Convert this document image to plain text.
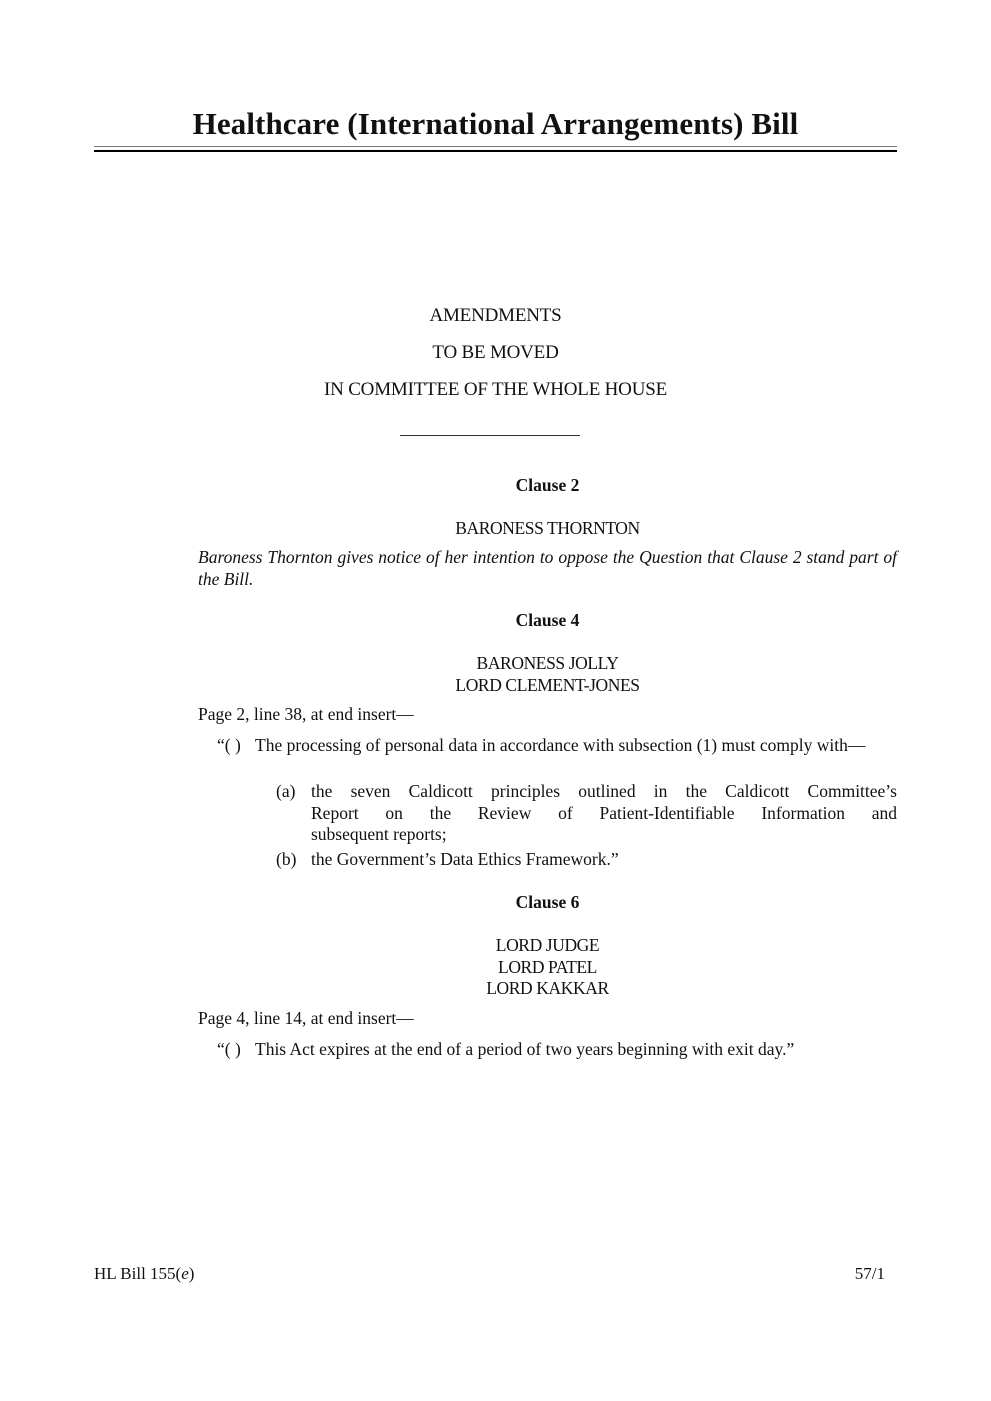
Healthcare (International Arrangements) Bill
AMENDMENTS
TO BE MOVED
IN COMMITTEE OF THE WHOLE HOUSE
Clause 2
BARONESS THORNTON
Baroness Thornton gives notice of her intention to oppose the Question that Clause 2 stand part of the Bill.
Clause 4
BARONESS JOLLY
LORD CLEMENT-JONES
Page 2, line 38, at end insert—
“( ) The processing of personal data in accordance with subsection (1) must comply with—
(a) the seven Caldicott principles outlined in the Caldicott Committee’s
Report on the Review of Patient-Identifiable Information and
subsequent reports;
(b) the Government’s Data Ethics Framework.”
Clause 6
LORD JUDGE
LORD PATEL
LORD KAKKAR
Page 4, line 14, at end insert—
“( ) This Act expires at the end of a period of two years beginning with exit day.”
HL Bill 155(e)	57/1
